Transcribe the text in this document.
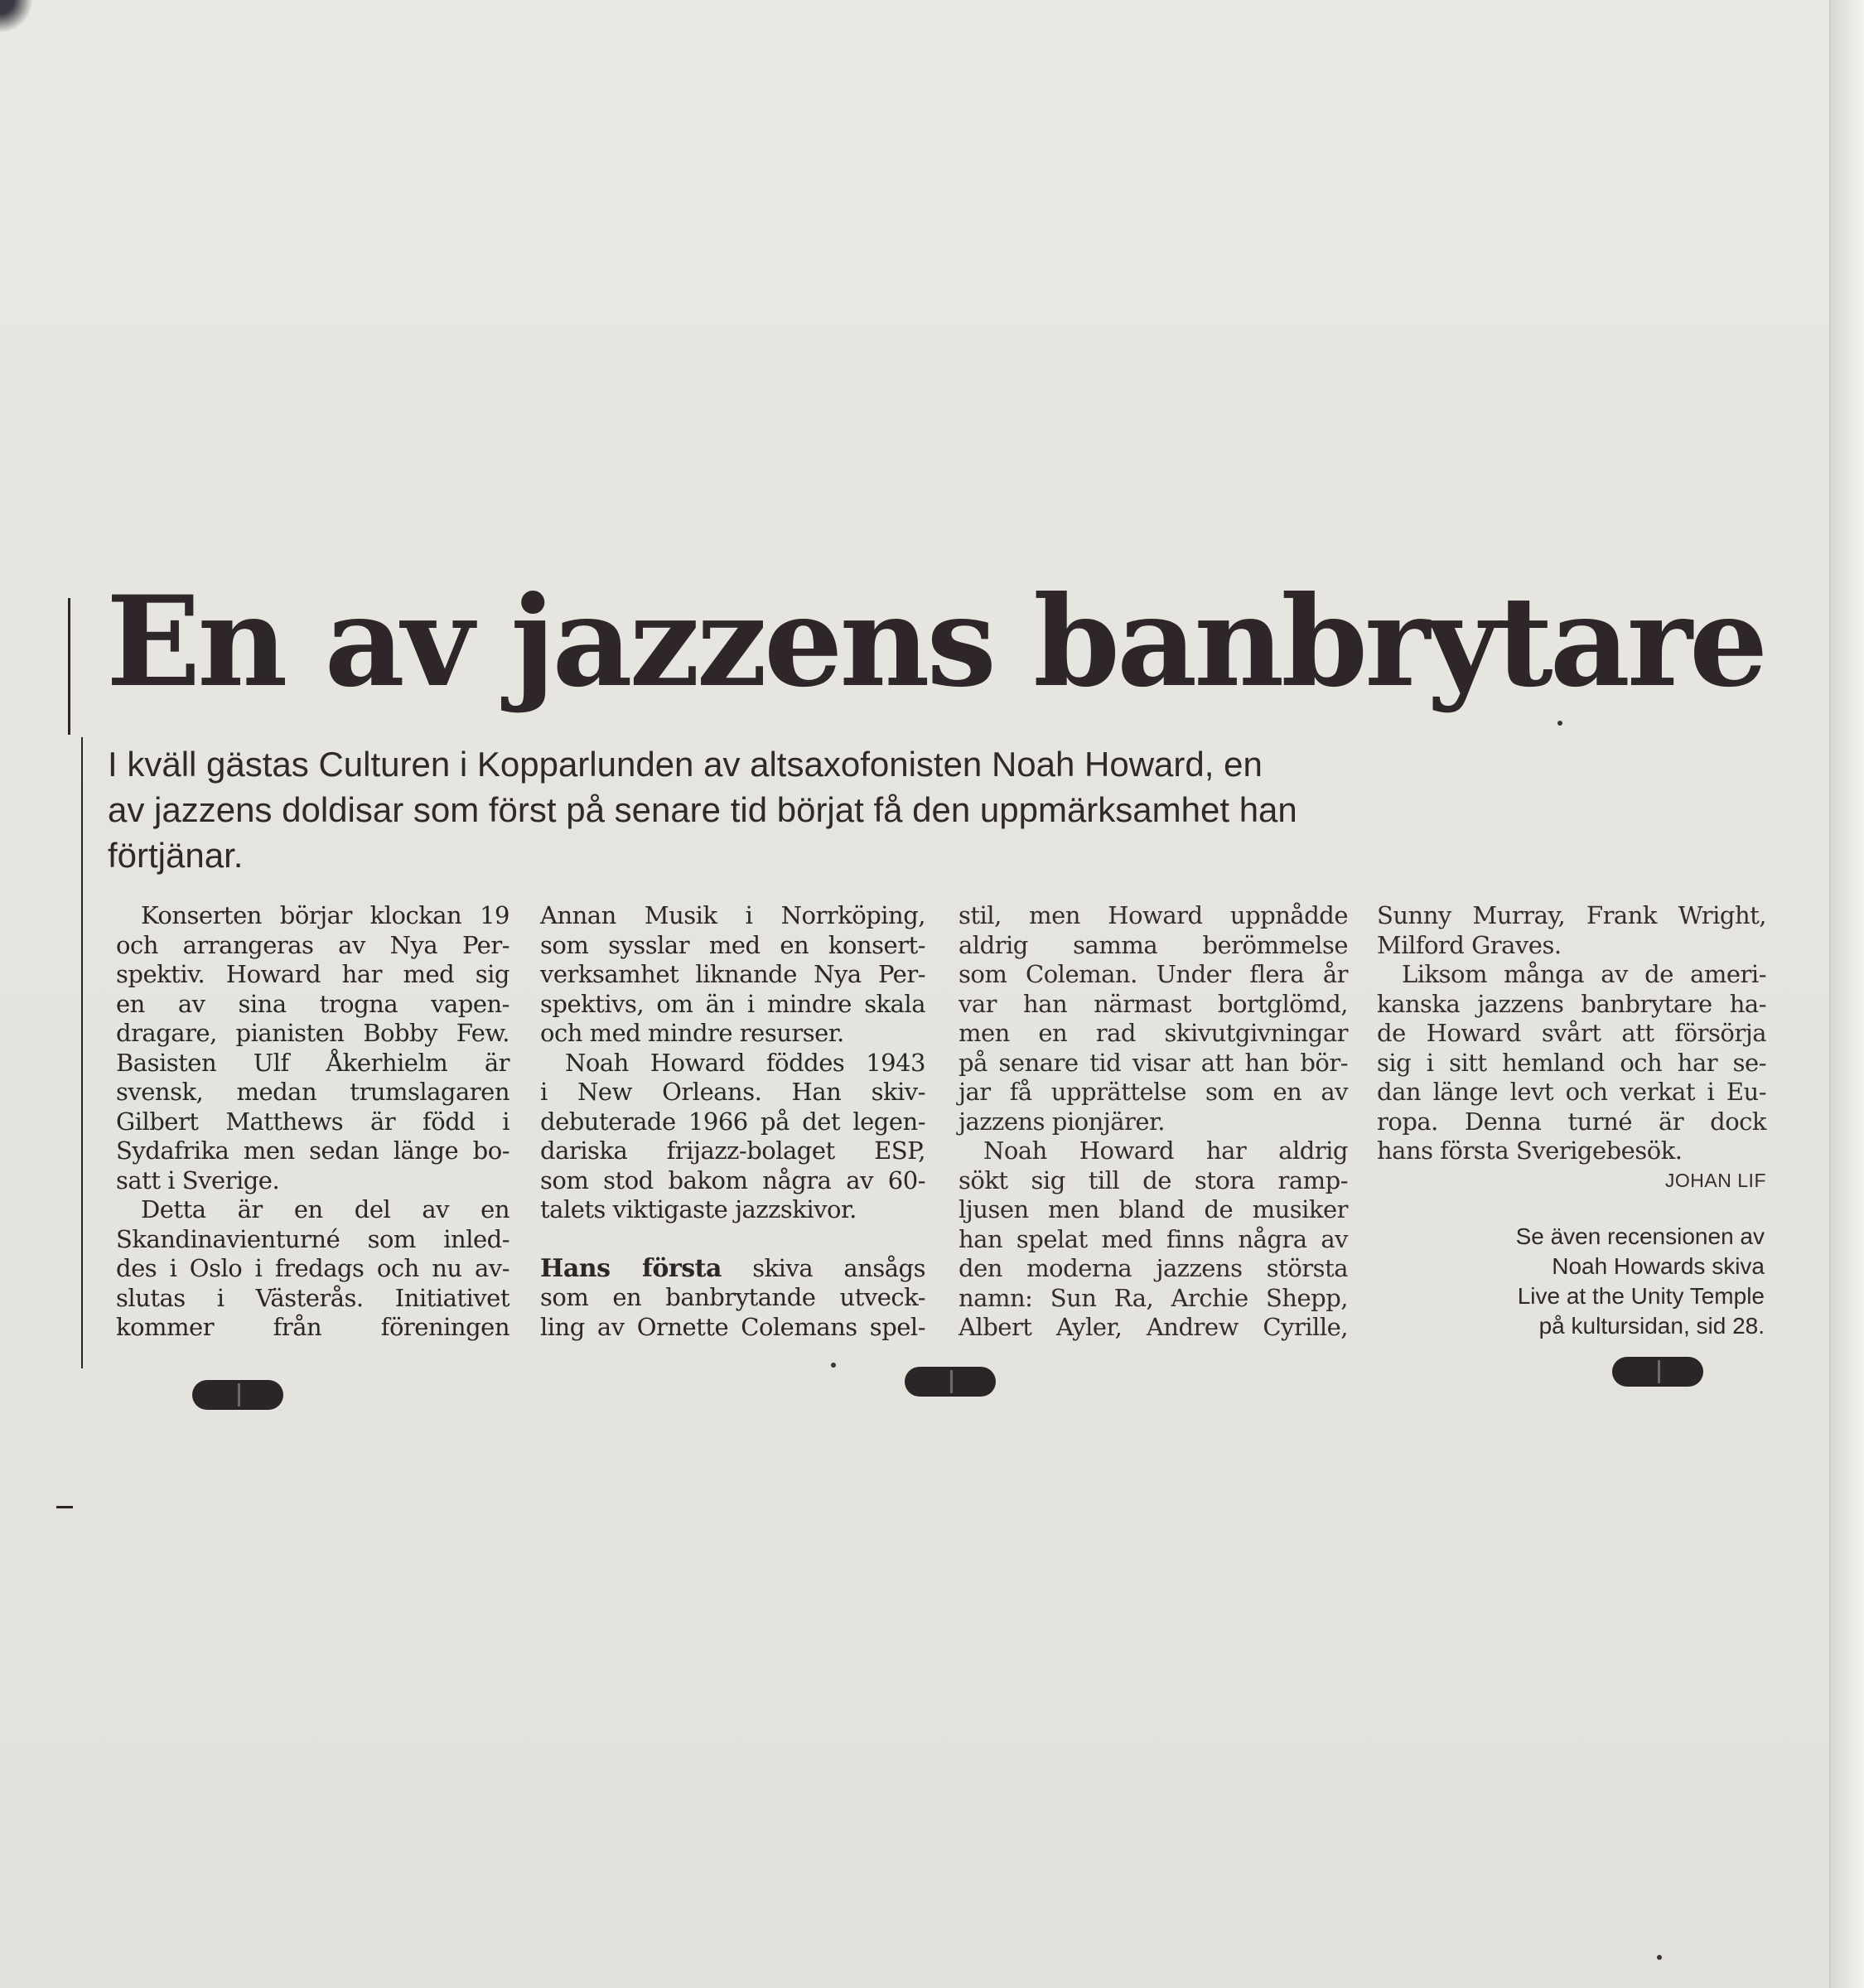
En av jazzens banbrytare
I kväll gästas Culturen i Kopparlunden av altsaxofonisten Noah Howard, en
av jazzens doldisar som först på senare tid börjat få den uppmärksamhet han
förtjänar.
Konserten börjar klockan 19
och arrangeras av Nya Per-
spektiv. Howard har med sig
en av sina trogna vapen-
dragare, pianisten Bobby Few.
Basisten Ulf Åkerhielm är
svensk, medan trumslagaren
Gilbert Matthews är född i
Sydafrika men sedan länge bo-
satt i Sverige.
Detta är en del av en
Skandinavienturné som inled-
des i Oslo i fredags och nu av-
slutas i Västerås. Initiativet
kommer från föreningen
Annan Musik i Norrköping,
som sysslar med en konsert-
verksamhet liknande Nya Per-
spektivs, om än i mindre skala
och med mindre resurser.
Noah Howard föddes 1943
i New Orleans. Han skiv-
debuterade 1966 på det legen-
dariska frijazz-bolaget ESP,
som stod bakom några av 60-
talets viktigaste jazzskivor.
Hans första skiva ansågs
som en banbrytande utveck-
ling av Ornette Colemans spel-
stil, men Howard uppnådde
aldrig samma berömmelse
som Coleman. Under flera år
var han närmast bortglömd,
men en rad skivutgivningar
på senare tid visar att han bör-
jar få upprättelse som en av
jazzens pionjärer.
Noah Howard har aldrig
sökt sig till de stora ramp-
ljusen men bland de musiker
han spelat med finns några av
den moderna jazzens största
namn: Sun Ra, Archie Shepp,
Albert Ayler, Andrew Cyrille,
Sunny Murray, Frank Wright,
Milford Graves.
Liksom många av de ameri-
kanska jazzens banbrytare ha-
de Howard svårt att försörja
sig i sitt hemland och har se-
dan länge levt och verkat i Eu-
ropa. Denna turné är dock
hans första Sverigebesök.
JOHAN LIF
Se även recensionen av
Noah Howards skiva
Live at the Unity Temple
på kultursidan, sid 28.
